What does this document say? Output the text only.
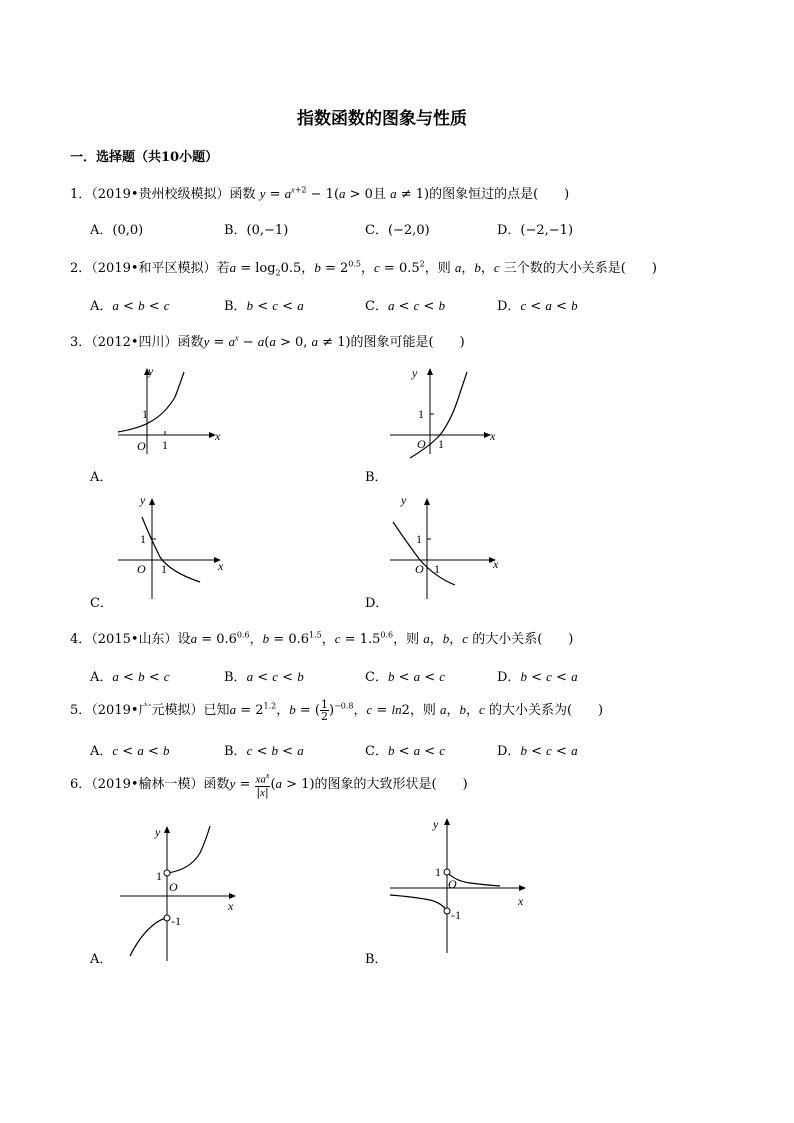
指数函数的图象与性质
一．选择题（共10小题）
1．（2019•贵州校级模拟）函数 $y = a^{x+2} - 1(a > 0$且 a ≠ 1)的图象恒过的点是(　　)
A．(0,0)	B．(0,−1)	C．(−2,0)	D．(−2,−1)
2．（2019•和平区模拟）若$a = \log_20.5$，$b = 2^{0.5}$，$c = 0.5^2$，则 a，b，c 三个数的大小关系是(　　)
A．a < b < c	B．b < c < a	C．a < c < b	D．c < a < b
3．（2012•四川）函数$y = a^x - a(a > 0$, a ≠ 1)的图象可能是(　　)
y
x
1
1
O
A．
y
x
1
1
O
B．
y
x
1
1
O
C．
y
x
1
1
O
D．
4．（2015•山东）设$a = 0.6^{0.6}$，$b = 0.6^{1.5}$，$c = 1.5^{0.6}$，则 a，b，c 的大小关系(　　)
A．a < b < c	B．a < c < b	C．b < a < c	D．b < c < a
5．（2019•广元模拟）已知$a = 2^{1.2}$，b = ( $\frac{1}{2} )^{-0.8}$，c = ln2，则 a，b，c 的大小关系为(　　)
A．c < a < b	B．c < b < a	C．b < a < c	D．b < c < a
6．（2019•榆林一模）函数$y = \frac{xa^x}{|x|} (a > 1)$的图象的大致形状是(　　)
y
x
1
O
-1
A．
y
x
1
O
-1
B．
